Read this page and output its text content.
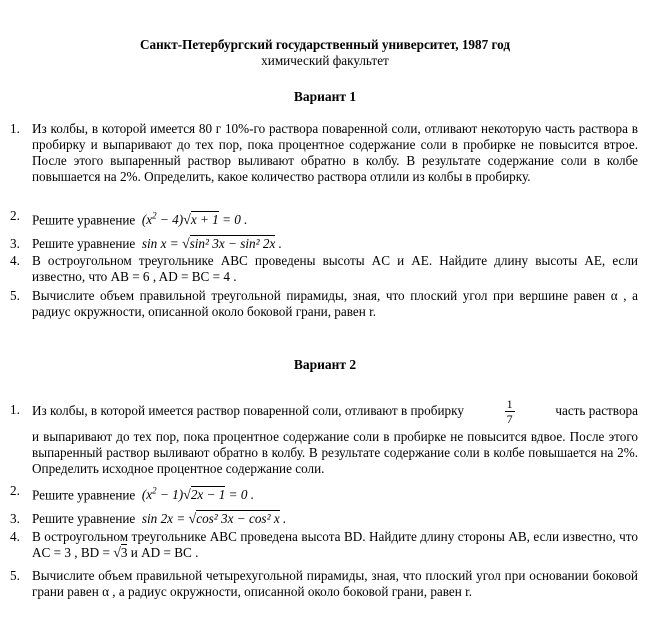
Санкт-Петербургский государственный университет, 1987 год
химический факультет
Вариант 1
1. Из колбы, в которой имеется 80 г 10%-го раствора поваренной соли, отливают некоторую часть раствора в пробирку и выпаривают до тех пор, пока процентное содержание соли в пробирке не повысится втрое. После этого выпаренный раствор выливают обратно в колбу. В результате содержание соли в колбе повышается на 2%. Определить, какое количество раствора отлили из колбы в пробирку.
2. Решите уравнение $(x^2 - 4)√x + 1 = 0$ .
3. Решите уравнение sin x = √sin² 3x − sin² 2x .
4. В остроугольном треугольнике ABC проведены высоты AC и AE. Найдите длину высоты AE, если известно, что AB = 6 , AD = BC = 4 .
5. Вычислите объем правильной треугольной пирамиды, зная, что плоский угол при вершине равен α , а радиус окружности, описанной около боковой грани, равен r.
Вариант 2
1. Из колбы, в которой имеется раствор поваренной соли, отливают в пробирку	$\frac{1}{7}$	часть раствора
и выпаривают до тех пор, пока процентное содержание соли в пробирке не повысится вдвое. После этого выпаренный раствор выливают обратно в колбу. В результате содержание соли в колбе повышается на 2%. Определить исходное процентное содержание соли.
2. Решите уравнение $(x^2 - 1)√2x - 1 = 0$ .
3. Решите уравнение sin 2x = √cos² 3x − cos² x .
4. В остроугольном треугольнике ABC проведена высота BD. Найдите длину стороны AB, если известно, что AC = 3 , BD = √3 и AD = BC .
5. Вычислите объем правильной четырехугольной пирамиды, зная, что плоский угол при основании боковой грани равен α , а радиус окружности, описанной около боковой грани, равен r.
